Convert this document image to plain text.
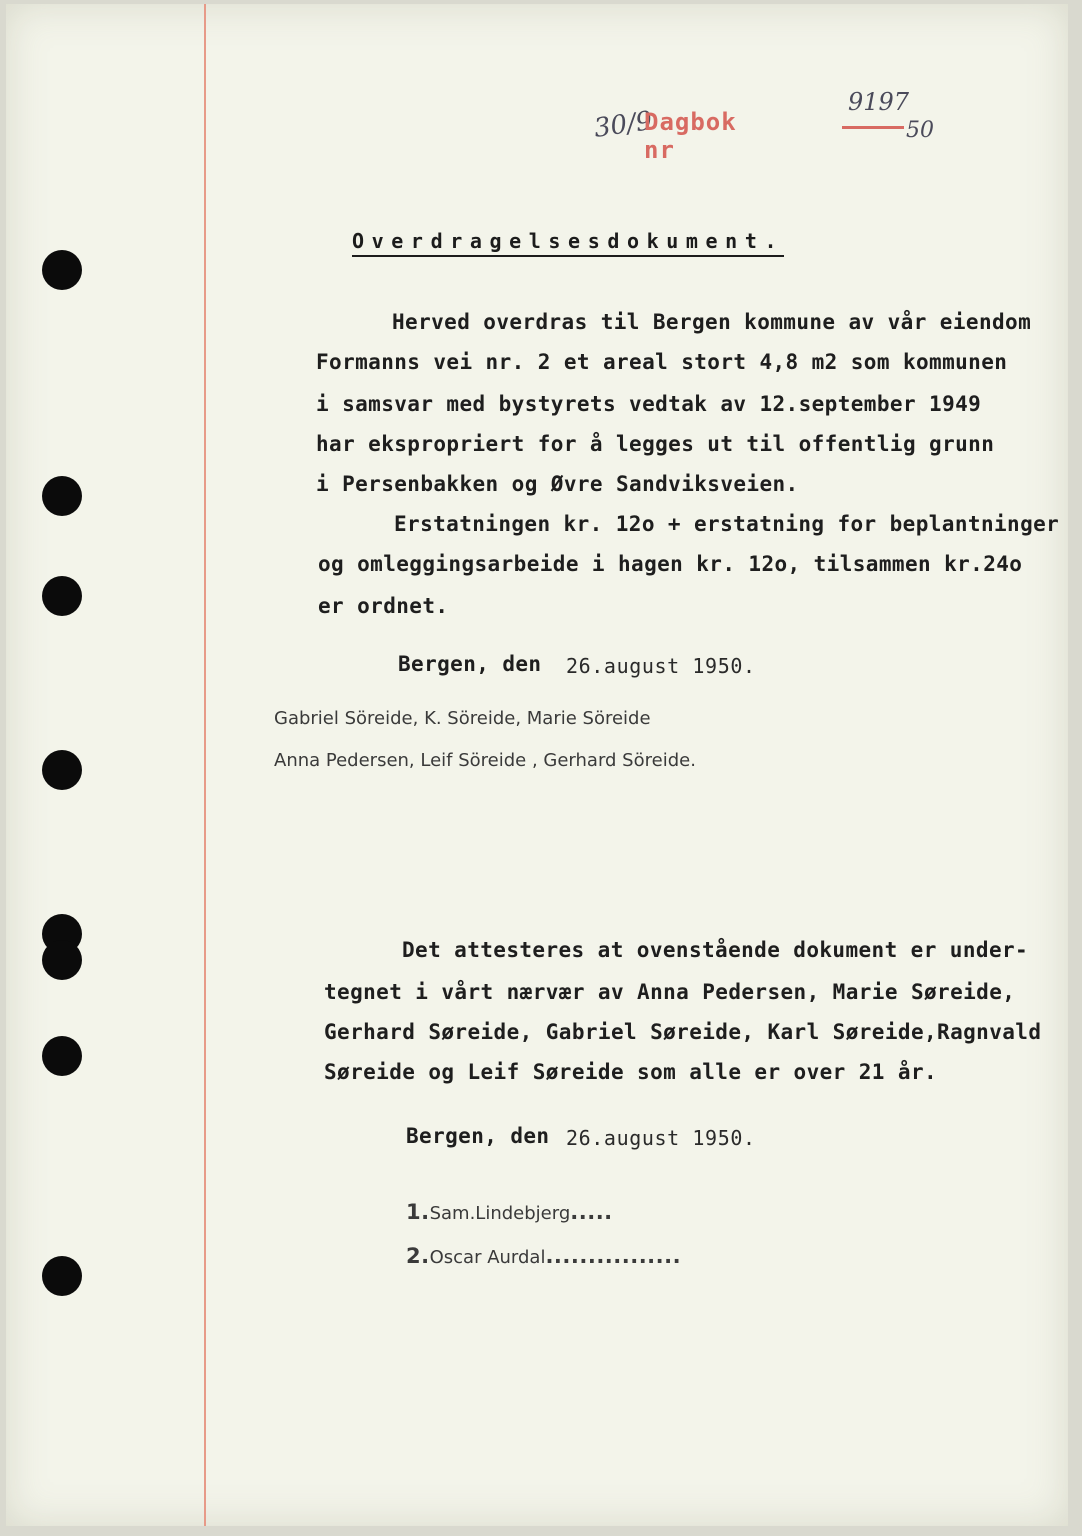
30/9
Dagbok nr
9197
50
Overdragelsesdokument.
Herved overdras til Bergen kommune av vår eiendom
Formanns vei nr. 2 et areal stort 4,8 m2 som kommunen
i samsvar med bystyrets vedtak av 12.september 1949
har ekspropriert for å legges ut til offentlig grunn
i Persenbakken og Øvre Sandviksveien.
Erstatningen kr. 12o + erstatning for beplantninger
og omleggingsarbeide i hagen kr. 12o, tilsammen kr.24o
er ordnet.
Bergen, den 26.august 1950.
Gabriel Söreide, K. Söreide, Marie Söreide
Anna Pedersen, Leif Söreide , Gerhard Söreide.
Det attesteres at ovenstående dokument er under-
tegnet i vårt nærvær av Anna Pedersen, Marie Søreide,
Gerhard Søreide, Gabriel Søreide, Karl Søreide,Ragnvald
Søreide og Leif Søreide som alle er over 21 år.
Bergen, den 26.august 1950.
1.Sam.Lindebjerg.....
2.Oscar Aurdal................
